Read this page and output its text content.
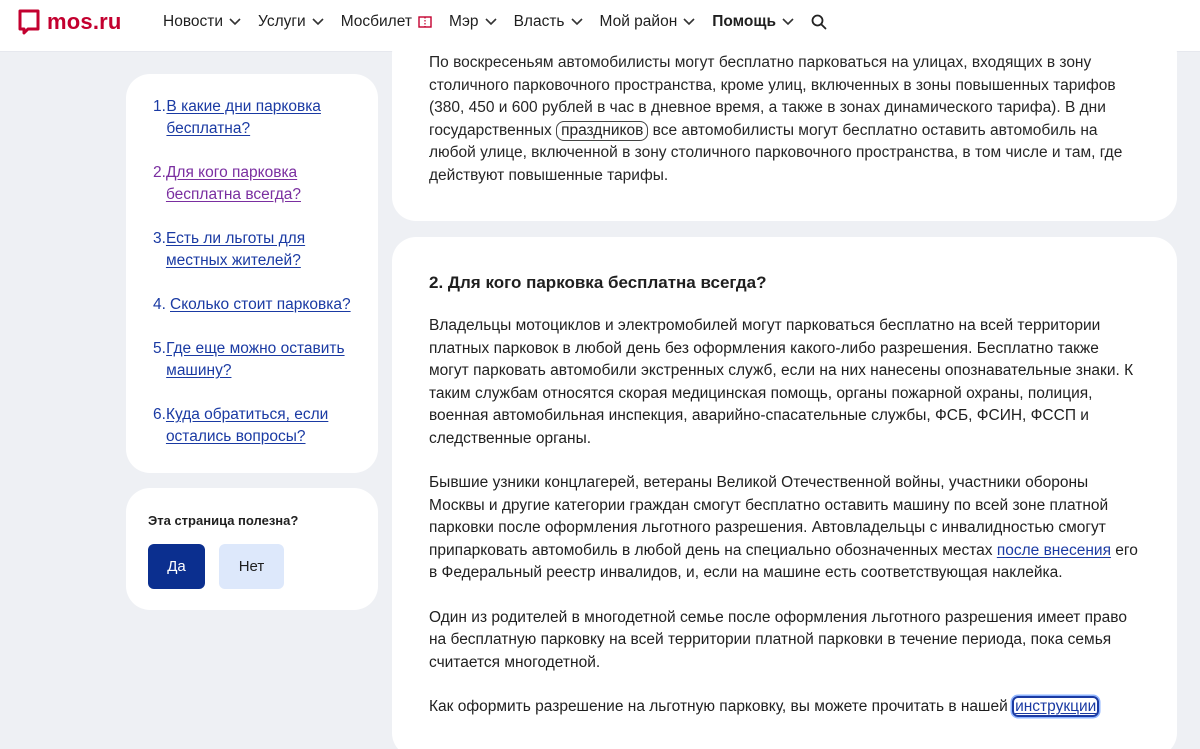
mos.ru	Новости Услуги Мосбилет Мэр Власть Мой район Помощь
1. В какие дни парковка бесплатна?
2. Для кого парковка бесплатна всегда?
3. Есть ли льготы для местных жителей?
4. Сколько стоит парковка?
5. Где еще можно оставить машину?
6. Куда обратиться, если остались вопросы?
Эта страница полезна?
Да	Нет

По воскресеньям автомобилисты могут бесплатно парковаться на улицах, входящих в зону столичного парковочного пространства, кроме улиц, включенных в зоны повышенных тарифов (380, 450 и 600 рублей в час в дневное время, а также в зонах динамического тарифа). В дни государственных праздников все автомобилисты могут бесплатно оставить автомобиль на любой улице, включенной в зону столичного парковочного пространства, в том числе и там, где действуют повышенные тарифы.

2. Для кого парковка бесплатна всегда?

Владельцы мотоциклов и электромобилей могут парковаться бесплатно на всей территории платных парковок в любой день без оформления какого-либо разрешения. Бесплатно также могут парковать автомобили экстренных служб, если на них нанесены опознавательные знаки. К таким службам относятся скорая медицинская помощь, органы пожарной охраны, полиция, военная автомобильная инспекция, аварийно-спасательные службы, ФСБ, ФСИН, ФССП и следственные органы.

Бывшие узники концлагерей, ветераны Великой Отечественной войны, участники обороны Москвы и другие категории граждан смогут бесплатно оставить машину по всей зоне платной парковки после оформления льготного разрешения. Автовладельцы с инвалидностью смогут припарковать автомобиль в любой день на специально обозначенных местах после внесения его в Федеральный реестр инвалидов, и, если на машине есть соответствующая наклейка.

Один из родителей в многодетной семье после оформления льготного разрешения имеет право на бесплатную парковку на всей территории платной парковки в течение периода, пока семья считается многодетной.

Как оформить разрешение на льготную парковку, вы можете прочитать в нашей инструкции
